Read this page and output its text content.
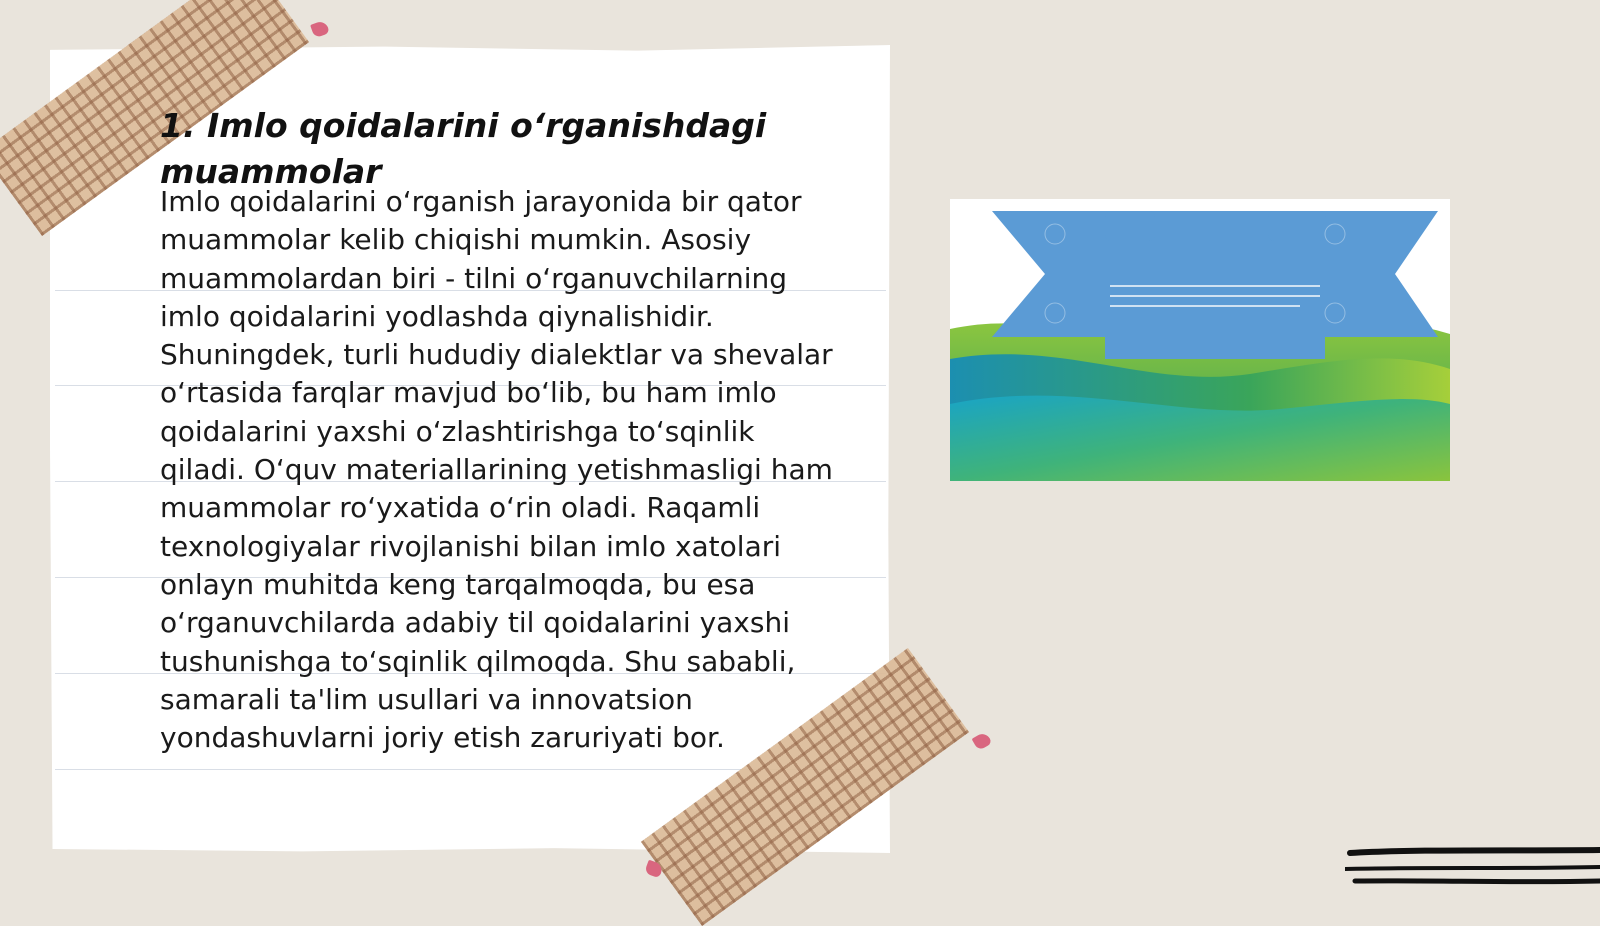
1. Imlo qoidalarini o‘rganishdagi muammolar

Imlo qoidalarini o‘rganish jarayonida bir qator muammolar kelib chiqishi mumkin. Asosiy muammolardan biri - tilni o‘rganuvchilarning imlo qoidalarini yodlashda qiynalishidir. Shuningdek, turli hududiy dialektlar va shevalar o‘rtasida farqlar mavjud bo‘lib, bu ham imlo qoidalarini yaxshi o‘zlashtirishga to‘sqinlik qiladi. O‘quv materiallarining yetishmasligi ham muammolar ro‘yxatida o‘rin oladi. Raqamli texnologiyalar rivojlanishi bilan imlo xatolari onlayn muhitda keng tarqalmoqda, bu esa o‘rganuvchilarda adabiy til qoidalarini yaxshi tushunishga to‘sqinlik qilmoqda. Shu sababli, samarali ta'lim usullari va innovatsion yondashuvlarni joriy etish zaruriyati bor.
